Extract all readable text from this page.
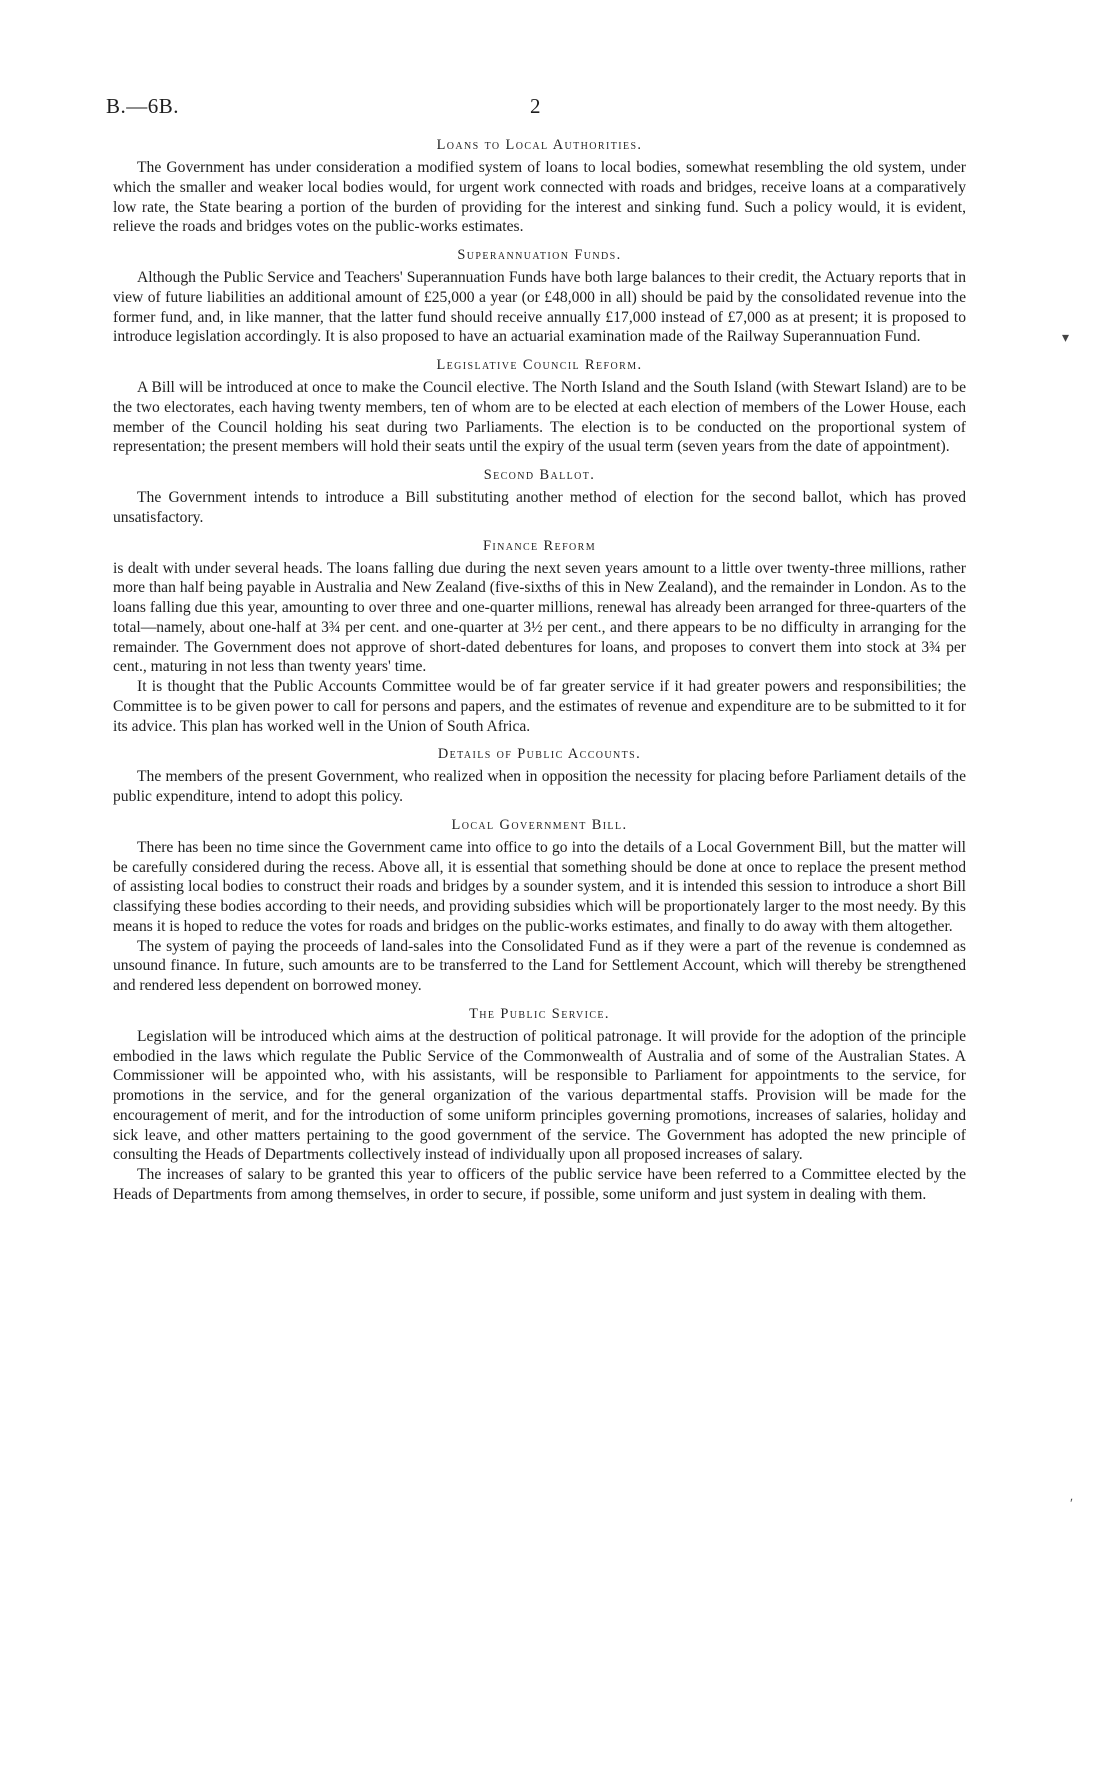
B.—6B.	2
Loans to Local Authorities.

The Government has under consideration a modified system of loans to local bodies, somewhat resembling the old system, under which the smaller and weaker local bodies would, for urgent work connected with roads and bridges, receive loans at a comparatively low rate, the State bearing a portion of the burden of providing for the interest and sinking fund. Such a policy would, it is evident, relieve the roads and bridges votes on the public-works estimates.

Superannuation Funds.

Although the Public Service and Teachers' Superannuation Funds have both large balances to their credit, the Actuary reports that in view of future liabilities an additional amount of £25,000 a year (or £48,000 in all) should be paid by the consolidated revenue into the former fund, and, in like manner, that the latter fund should receive annually £17,000 instead of £7,000 as at present; it is proposed to introduce legislation accordingly. It is also proposed to have an actuarial examination made of the Railway Superannuation Fund.

Legislative Council Reform.

A Bill will be introduced at once to make the Council elective. The North Island and the South Island (with Stewart Island) are to be the two electorates, each having twenty members, ten of whom are to be elected at each election of members of the Lower House, each member of the Council holding his seat during two Parliaments. The election is to be conducted on the proportional system of representation; the present members will hold their seats until the expiry of the usual term (seven years from the date of appointment).

Second Ballot.

The Government intends to introduce a Bill substituting another method of election for the second ballot, which has proved unsatisfactory.

Finance Reform

is dealt with under several heads. The loans falling due during the next seven years amount to a little over twenty-three millions, rather more than half being payable in Australia and New Zealand (five-sixths of this in New Zealand), and the remainder in London. As to the loans falling due this year, amounting to over three and one-quarter millions, renewal has already been arranged for three-quarters of the total—namely, about one-half at 3¾ per cent. and one-quarter at 3½ per cent., and there appears to be no difficulty in arranging for the remainder. The Government does not approve of short-dated debentures for loans, and proposes to convert them into stock at 3¾ per cent., maturing in not less than twenty years' time.

It is thought that the Public Accounts Committee would be of far greater service if it had greater powers and responsibilities; the Committee is to be given power to call for persons and papers, and the estimates of revenue and expenditure are to be submitted to it for its advice. This plan has worked well in the Union of South Africa.

Details of Public Accounts.

The members of the present Government, who realized when in opposition the necessity for placing before Parliament details of the public expenditure, intend to adopt this policy.

Local Government Bill.

There has been no time since the Government came into office to go into the details of a Local Government Bill, but the matter will be carefully considered during the recess. Above all, it is essential that something should be done at once to replace the present method of assisting local bodies to construct their roads and bridges by a sounder system, and it is intended this session to introduce a short Bill classifying these bodies according to their needs, and providing subsidies which will be proportionately larger to the most needy. By this means it is hoped to reduce the votes for roads and bridges on the public-works estimates, and finally to do away with them altogether.

The system of paying the proceeds of land-sales into the Consolidated Fund as if they were a part of the revenue is condemned as unsound finance. In future, such amounts are to be transferred to the Land for Settlement Account, which will thereby be strengthened and rendered less dependent on borrowed money.

The Public Service.

Legislation will be introduced which aims at the destruction of political patronage. It will provide for the adoption of the principle embodied in the laws which regulate the Public Service of the Commonwealth of Australia and of some of the Australian States. A Commissioner will be appointed who, with his assistants, will be responsible to Parliament for appointments to the service, for promotions in the service, and for the general organization of the various departmental staffs. Provision will be made for the encouragement of merit, and for the introduction of some uniform principles governing promotions, increases of salaries, holiday and sick leave, and other matters pertaining to the good government of the service. The Government has adopted the new principle of consulting the Heads of Departments collectively instead of individually upon all proposed increases of salary.

The increases of salary to be granted this year to officers of the public service have been referred to a Committee elected by the Heads of Departments from among themselves, in order to secure, if possible, some uniform and just system in dealing with them.

▾
ʹ
